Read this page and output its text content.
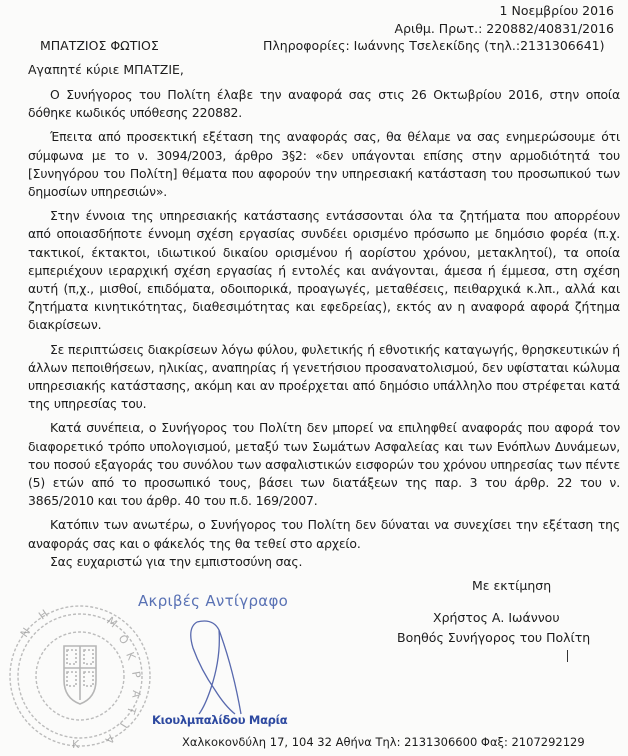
1 Νοεμβρίου 2016
Αριθμ. Πρωτ.: 220882/40831/2016
ΜΠΑΤΖΙΟΣ ΦΩΤΙΟΣ	Πληροφορίες: Ιωάννης Τσελεκίδης (τηλ.:2131306641)
Αγαπητέ κύριε ΜΠΑΤΖΙΕ,

Ο Συνήγορος του Πολίτη έλαβε την αναφορά σας στις 26 Οκτωβρίου 2016, στην οποία δόθηκε κωδικός υπόθεσης 220882.

Έπειτα από προσεκτική εξέταση της αναφοράς σας, θα θέλαμε να σας ενημερώσουμε ότι σύμφωνα με το ν. 3094/2003, άρθρο 3§2: «δεν υπάγονται επίσης στην αρμοδιότητά του [Συνηγόρου του Πολίτη] θέματα που αφορούν την υπηρεσιακή κατάσταση του προσωπικού των δημοσίων υπηρεσιών».

Στην έννοια της υπηρεσιακής κατάστασης εντάσσονται όλα τα ζητήματα που απορρέουν από οποιασδήποτε έννομη σχέση εργασίας συνδέει ορισμένο πρόσωπο με δημόσιο φορέα (π.χ. τακτικοί, έκτακτοι, ιδιωτικού δικαίου ορισμένου ή αορίστου χρόνου, μετακλητοί), τα οποία εμπεριέχουν ιεραρχική σχέση εργασίας ή εντολές και ανάγονται, άμεσα ή έμμεσα, στη σχέση αυτή (π,χ., μισθοί, επιδόματα, οδοιπορικά, προαγωγές, μεταθέσεις, πειθαρχικά κ.λπ., αλλά και ζητήματα κινητικότητας, διαθεσιμότητας και εφεδρείας), εκτός αν η αναφορά αφορά ζήτημα διακρίσεων.

Σε περιπτώσεις διακρίσεων λόγω φύλου, φυλετικής ή εθνοτικής καταγωγής, θρησκευτικών ή άλλων πεποιθήσεων, ηλικίας, αναπηρίας ή γενετήσιου προσανατολισμού, δεν υφίσταται κώλυμα υπηρεσιακής κατάστασης, ακόμη και αν προέρχεται από δημόσιο υπάλληλο που στρέφεται κατά της υπηρεσίας του.

Κατά συνέπεια, ο Συνήγορος του Πολίτη δεν μπορεί να επιληφθεί αναφοράς που αφορά τον διαφορετικό τρόπο υπολογισμού, μεταξύ των Σωμάτων Ασφαλείας και των Ενόπλων Δυνάμεων, του ποσού εξαγοράς του συνόλου των ασφαλιστικών εισφορών του χρόνου υπηρεσίας των πέντε (5) ετών από το προσωπικό τους, βάσει των διατάξεων της παρ. 3 του άρθρ. 22 του ν. 3865/2010 και του άρθρ. 40 του π.δ. 169/2007.

Κατόπιν των ανωτέρω, ο Συνήγορος του Πολίτη δεν δύναται να συνεχίσει την εξέταση της αναφοράς σας και ο φάκελός της θα τεθεί στο αρχείο.

Σας ευχαριστώ για την εμπιστοσύνη σας.

Με εκτίμηση
Χρήστος Α. Ιωάννου
Βοηθός Συνήγορος του Πολίτη
Μ
Ο
Κ
Ρ
Α
Τ
Ι
Α
Η
Ν
Κ
Ακριβές Αντίγραφο
Κιουλμπαλίδου Μαρία
Χαλκοκονδύλη 17, 104 32 Αθήνα Τηλ: 2131306600 Φαξ: 2107292129
